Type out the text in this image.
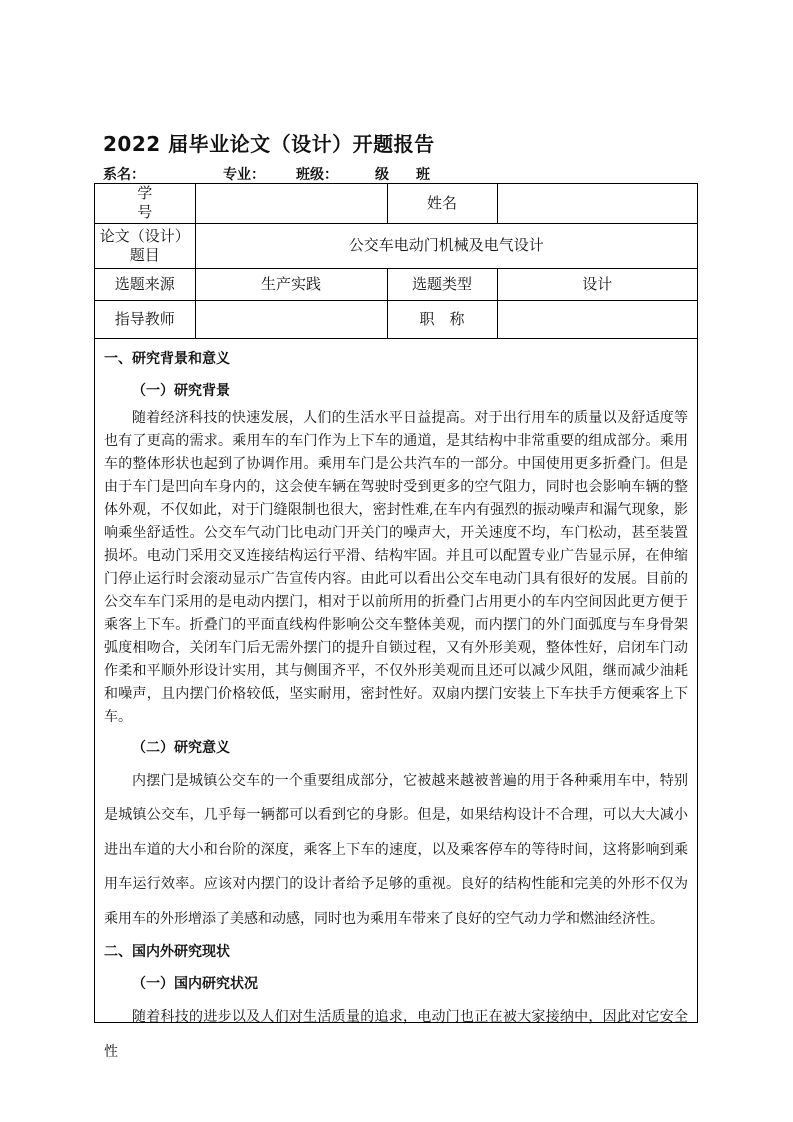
2022 届毕业论文（设计）开题报告
系名：	专业： 班级：	级 班
学　号		姓名	
论文（设计）题目	公交车电动门机械及电气设计		
选题来源	生产实践	选题类型	设计
指导教师		职　称	
一、研究背景和意义
（一）研究背景

随着经济科技的快速发展，人们的生活水平日益提高。对于出行用车的质量以及舒适度等也有了更高的需求。乘用车的车门作为上下车的通道，是其结构中非常重要的组成部分。乘用车的整体形状也起到了协调作用。乘用车门是公共汽车的一部分。中国使用更多折叠门。但是由于车门是凹向车身内的，这会使车辆在驾驶时受到更多的空气阻力，同时也会影响车辆的整体外观，不仅如此，对于门缝限制也很大，密封性难,在车内有强烈的振动噪声和漏气现象，影响乘坐舒适性。公交车气动门比电动门开关门的噪声大，开关速度不均，车门松动，甚至装置损坏。电动门采用交叉连接结构运行平滑、结构牢固。并且可以配置专业广告显示屏，在伸缩门停止运行时会滚动显示广告宣传内容。由此可以看出公交车电动门具有很好的发展。目前的公交车车门采用的是电动内摆门，相对于以前所用的折叠门占用更小的车内空间因此更方便于乘客上下车。折叠门的平面直线构件影响公交车整体美观，而内摆门的外门面弧度与车身骨架弧度相吻合，关闭车门后无需外摆门的提升自锁过程，又有外形美观，整体性好，启闭车门动作柔和平顺外形设计实用，其与侧围齐平，不仅外形美观而且还可以减少风阻，继而减少油耗和噪声，且内摆门价格较低，坚实耐用，密封性好。双扇内摆门安装上下车扶手方便乘客上下车。

（二）研究意义

内摆门是城镇公交车的一个重要组成部分，它被越来越被普遍的用于各种乘用车中，特别是城镇公交车，几乎每一辆都可以看到它的身影。但是，如果结构设计不合理，可以大大减小进出车道的大小和台阶的深度，乘客上下车的速度，以及乘客停车的等待时间，这将影响到乘用车运行效率。应该对内摆门的设计者给予足够的重视。良好的结构性能和完美的外形不仅为乘用车的外形增添了美感和动感，同时也为乘用车带来了良好的空气动力学和燃油经济性。

二、国内外研究现状
（一）国内研究状况

随着科技的进步以及人们对生活质量的追求，电动门也正在被大家接纳中，因此对它安全性
